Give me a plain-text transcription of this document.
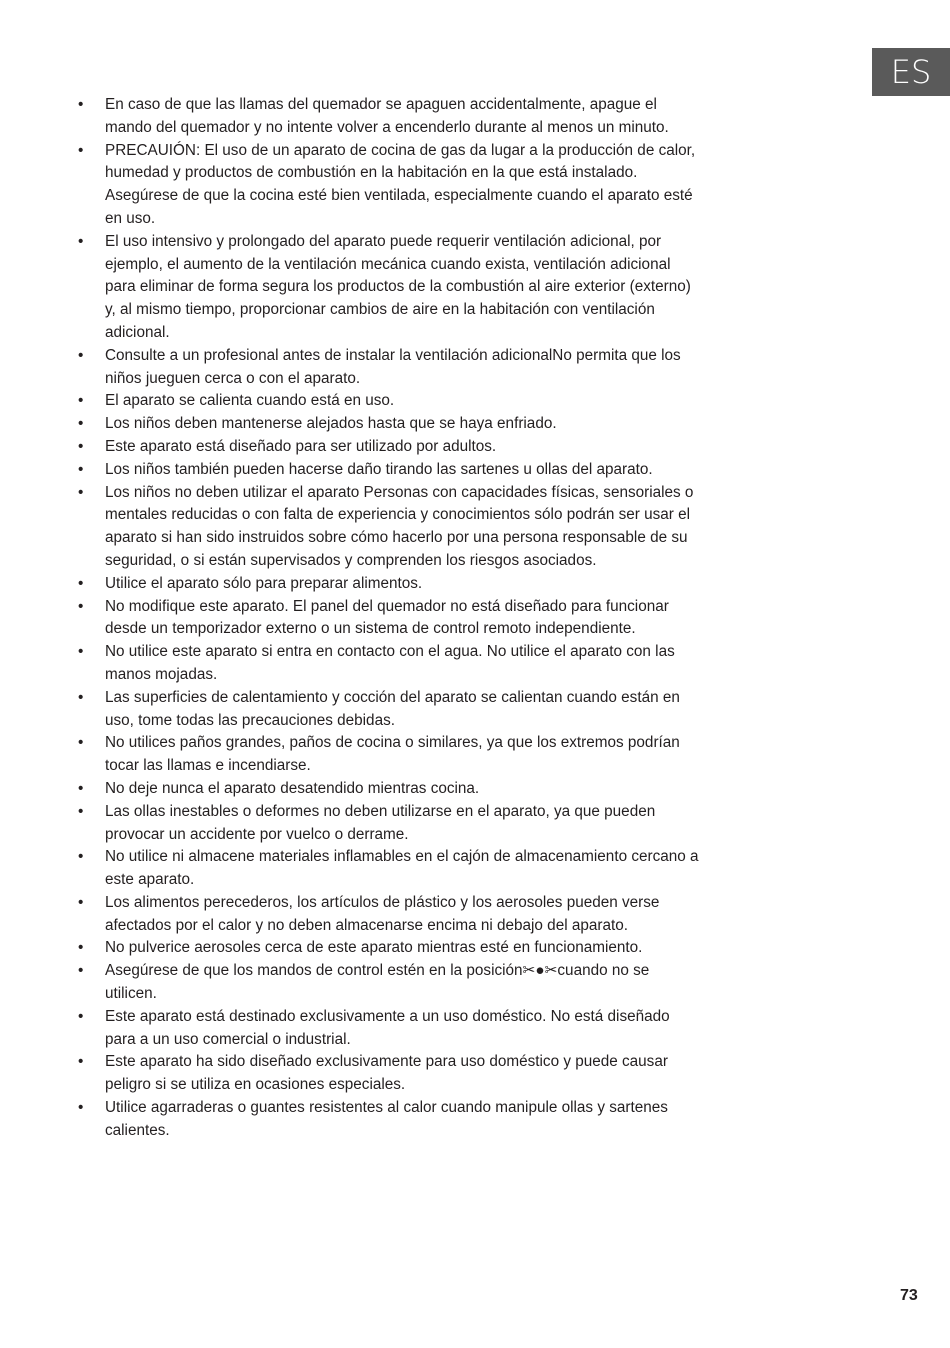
ES
•	En caso de que las llamas del quemador se apaguen accidentalmente, apague el mando del quemador y no intente volver a encenderlo durante al menos un minuto.
•	PRECAUIÓN: El uso de un aparato de cocina de gas da lugar a la producción de calor, humedad y productos de combustión en la habitación en la que está instalado. Asegúrese de que la cocina esté bien ventilada, especialmente cuando el aparato esté en uso.
•	El uso intensivo y prolongado del aparato puede requerir ventilación adicional, por ejemplo, el aumento de la ventilación mecánica cuando exista, ventilación adicional para eliminar de forma segura los productos de la combustión al aire exterior (externo) y, al mismo tiempo, proporcionar cambios de aire en la habitación con ventilación adicional.
•	Consulte a un profesional antes de instalar la ventilación adicionalNo permita que los niños jueguen cerca o con el aparato.
•	El aparato se calienta cuando está en uso.
•	Los niños deben mantenerse alejados hasta que se haya enfriado.
•	Este aparato está diseñado para ser utilizado por adultos.
•	Los niños también pueden hacerse daño tirando las sartenes u ollas del aparato.
•	Los niños no deben utilizar el aparato Personas con capacidades físicas, sensoriales o mentales reducidas o con falta de experiencia y conocimientos sólo podrán ser usar el aparato si han sido instruidos sobre cómo hacerlo por una persona responsable de su seguridad, o si están supervisados y comprenden los riesgos asociados.
•	Utilice el aparato sólo para preparar alimentos.
•	No modifique este aparato. El panel del quemador no está diseñado para funcionar desde un temporizador externo o un sistema de control remoto independiente.
•	No utilice este aparato si entra en contacto con el agua. No utilice el aparato con las manos mojadas.
•	Las superficies de calentamiento y cocción del aparato se calientan cuando están en uso, tome todas las precauciones debidas.
•	No utilices paños grandes, paños de cocina o similares, ya que los extremos podrían tocar las llamas e incendiarse.
•	No deje nunca el aparato desatendido mientras cocina.
•	Las ollas inestables o deformes no deben utilizarse en el aparato, ya que pueden provocar un accidente por vuelco o derrame.
•	No utilice ni almacene materiales inflamables en el cajón de almacenamiento cercano a este aparato.
•	Los alimentos perecederos, los artículos de plástico y los aerosoles pueden verse afectados por el calor y no deben almacenarse encima ni debajo del aparato.
•	No pulverice aerosoles cerca de este aparato mientras esté en funcionamiento.
•	Asegúrese de que los mandos de control estén en la posición✂●✂cuando no se utilicen.
•	Este aparato está destinado exclusivamente a un uso doméstico. No está diseñado para a un uso comercial o industrial.
•	Este aparato ha sido diseñado exclusivamente para uso doméstico y puede causar peligro si se utiliza en ocasiones especiales.
•	Utilice agarraderas o guantes resistentes al calor cuando manipule ollas y sartenes calientes.
73
